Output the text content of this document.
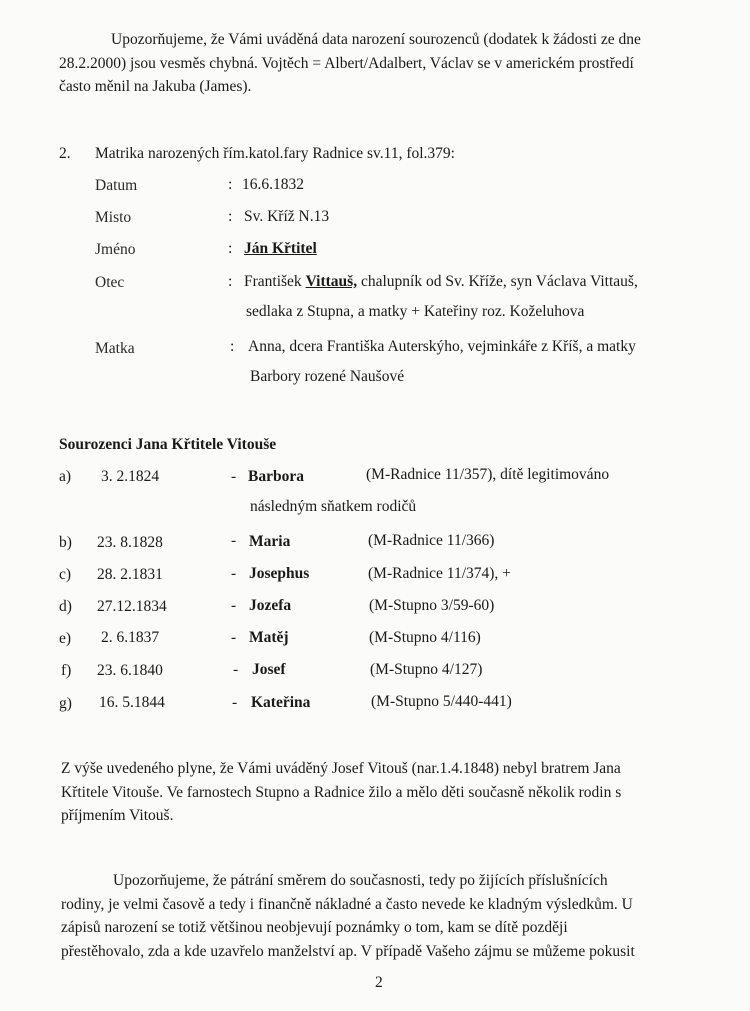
Upozorňujeme, že Vámi uváděná data narození sourozenců (dodatek k žádosti ze dne
28.2.2000) jsou vesměs chybná. Vojtěch = Albert/Adalbert, Václav se v americkém prostředí
často měnil na Jakuba (James).
2. Matrika narozených řím.katol.fary Radnice sv.11, fol.379:
Datum	: 16.6.1832
Misto	: Sv. Kříž N.13
Jméno	: Ján Křtitel
Otec	: František Vittauš, chalupník od Sv. Kříže, syn Václava Vittauš,
sedlaka z Stupna, a matky + Kateřiny roz. Koželuhova
Matka	: Anna, dcera Františka Auterskýho, vejminkáře z Kříš, a matky
Barbory rozené Naušové
Sourozenci Jana Křtitele Vitouše
a) 3. 2.1824	- Barbora	(M-Radnice 11/357), dítě legitimováno
následným sňatkem rodičů
b) 23. 8.1828	- Maria	(M-Radnice 11/366)
c) 28. 2.1831	- Josephus	(M-Radnice 11/374), +
d) 27.12.1834	- Jozefa	(M-Stupno 3/59-60)
e) 2. 6.1837	- Matěj	(M-Stupno 4/116)
f) 23. 6.1840	- Josef	(M-Stupno 4/127)
g) 16. 5.1844	- Kateřina	(M-Stupno 5/440-441)
Z výše uvedeného plyne, že Vámi uváděný Josef Vitouš (nar.1.4.1848) nebyl bratrem Jana
Křtitele Vitouše. Ve farnostech Stupno a Radnice žilo a mělo děti současně několik rodin s
příjmením Vitouš.
Upozorňujeme, že pátrání směrem do současnosti, tedy po žijících příslušnících
rodiny, je velmi časově a tedy i finančně nákladné a často nevede ke kladným výsledkům. U
zápisů narození se totiž většinou neobjevují poznámky o tom, kam se dítě později
přestěhovalo, zda a kde uzavřelo manželství ap. V případě Vašeho zájmu se můžeme pokusit
2
